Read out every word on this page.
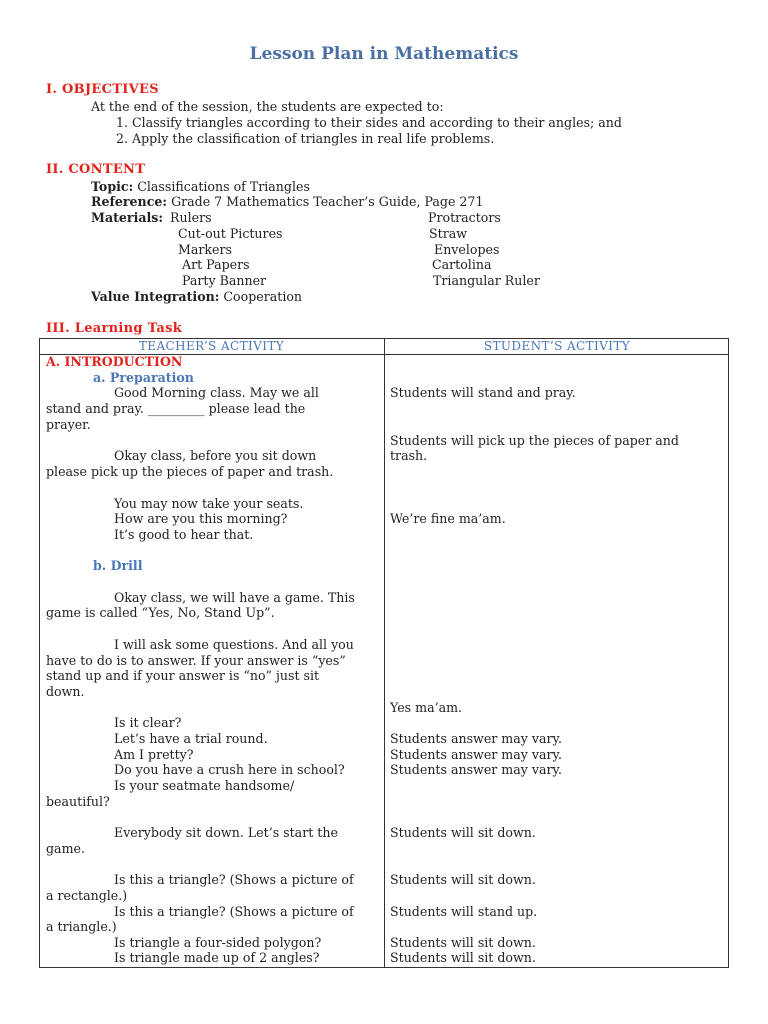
Lesson Plan in Mathematics
I. OBJECTIVES
At the end of the session, the students are expected to:
1. Classify triangles according to their sides and according to their angles; and
2. Apply the classification of triangles in real life problems.
II. CONTENT
Topic: Classifications of Triangles
Reference: Grade 7 Mathematics Teacher’s Guide, Page 271
Materials: Rulers
Cut-out Pictures
Markers
Art Papers
Party Banner
Protractors
Straw
Envelopes
Cartolina
Triangular Ruler
Value Integration: Cooperation
III. Learning Task
TEACHER’S ACTIVITY	STUDENT’S ACTIVITY
A. INTRODUCTION
a. Preparation
Good Morning class. May we all
stand and pray. _________ please lead the
prayer.
Okay class, before you sit down
please pick up the pieces of paper and trash.
You may now take your seats.
How are you this morning?
It’s good to hear that.
b. Drill
Okay class, we will have a game. This
game is called “Yes, No, Stand Up”.
I will ask some questions. And all you
have to do is to answer. If your answer is “yes”
stand up and if your answer is “no” just sit
down.
Is it clear?
Let’s have a trial round.
Am I pretty?
Do you have a crush here in school?
Is your seatmate handsome/
beautiful?
Everybody sit down. Let’s start the
game.
Is this a triangle? (Shows a picture of
a rectangle.)
Is this a triangle? (Shows a picture of
a triangle.)
Is triangle a four-sided polygon?
Is triangle made up of 2 angles?
Students will stand and pray.
Students will pick up the pieces of paper and
trash.
We’re fine ma’am.
Yes ma’am.
Students answer may vary.
Students answer may vary.
Students answer may vary.
Students will sit down.
Students will sit down.
Students will stand up.
Students will sit down.
Students will sit down.
